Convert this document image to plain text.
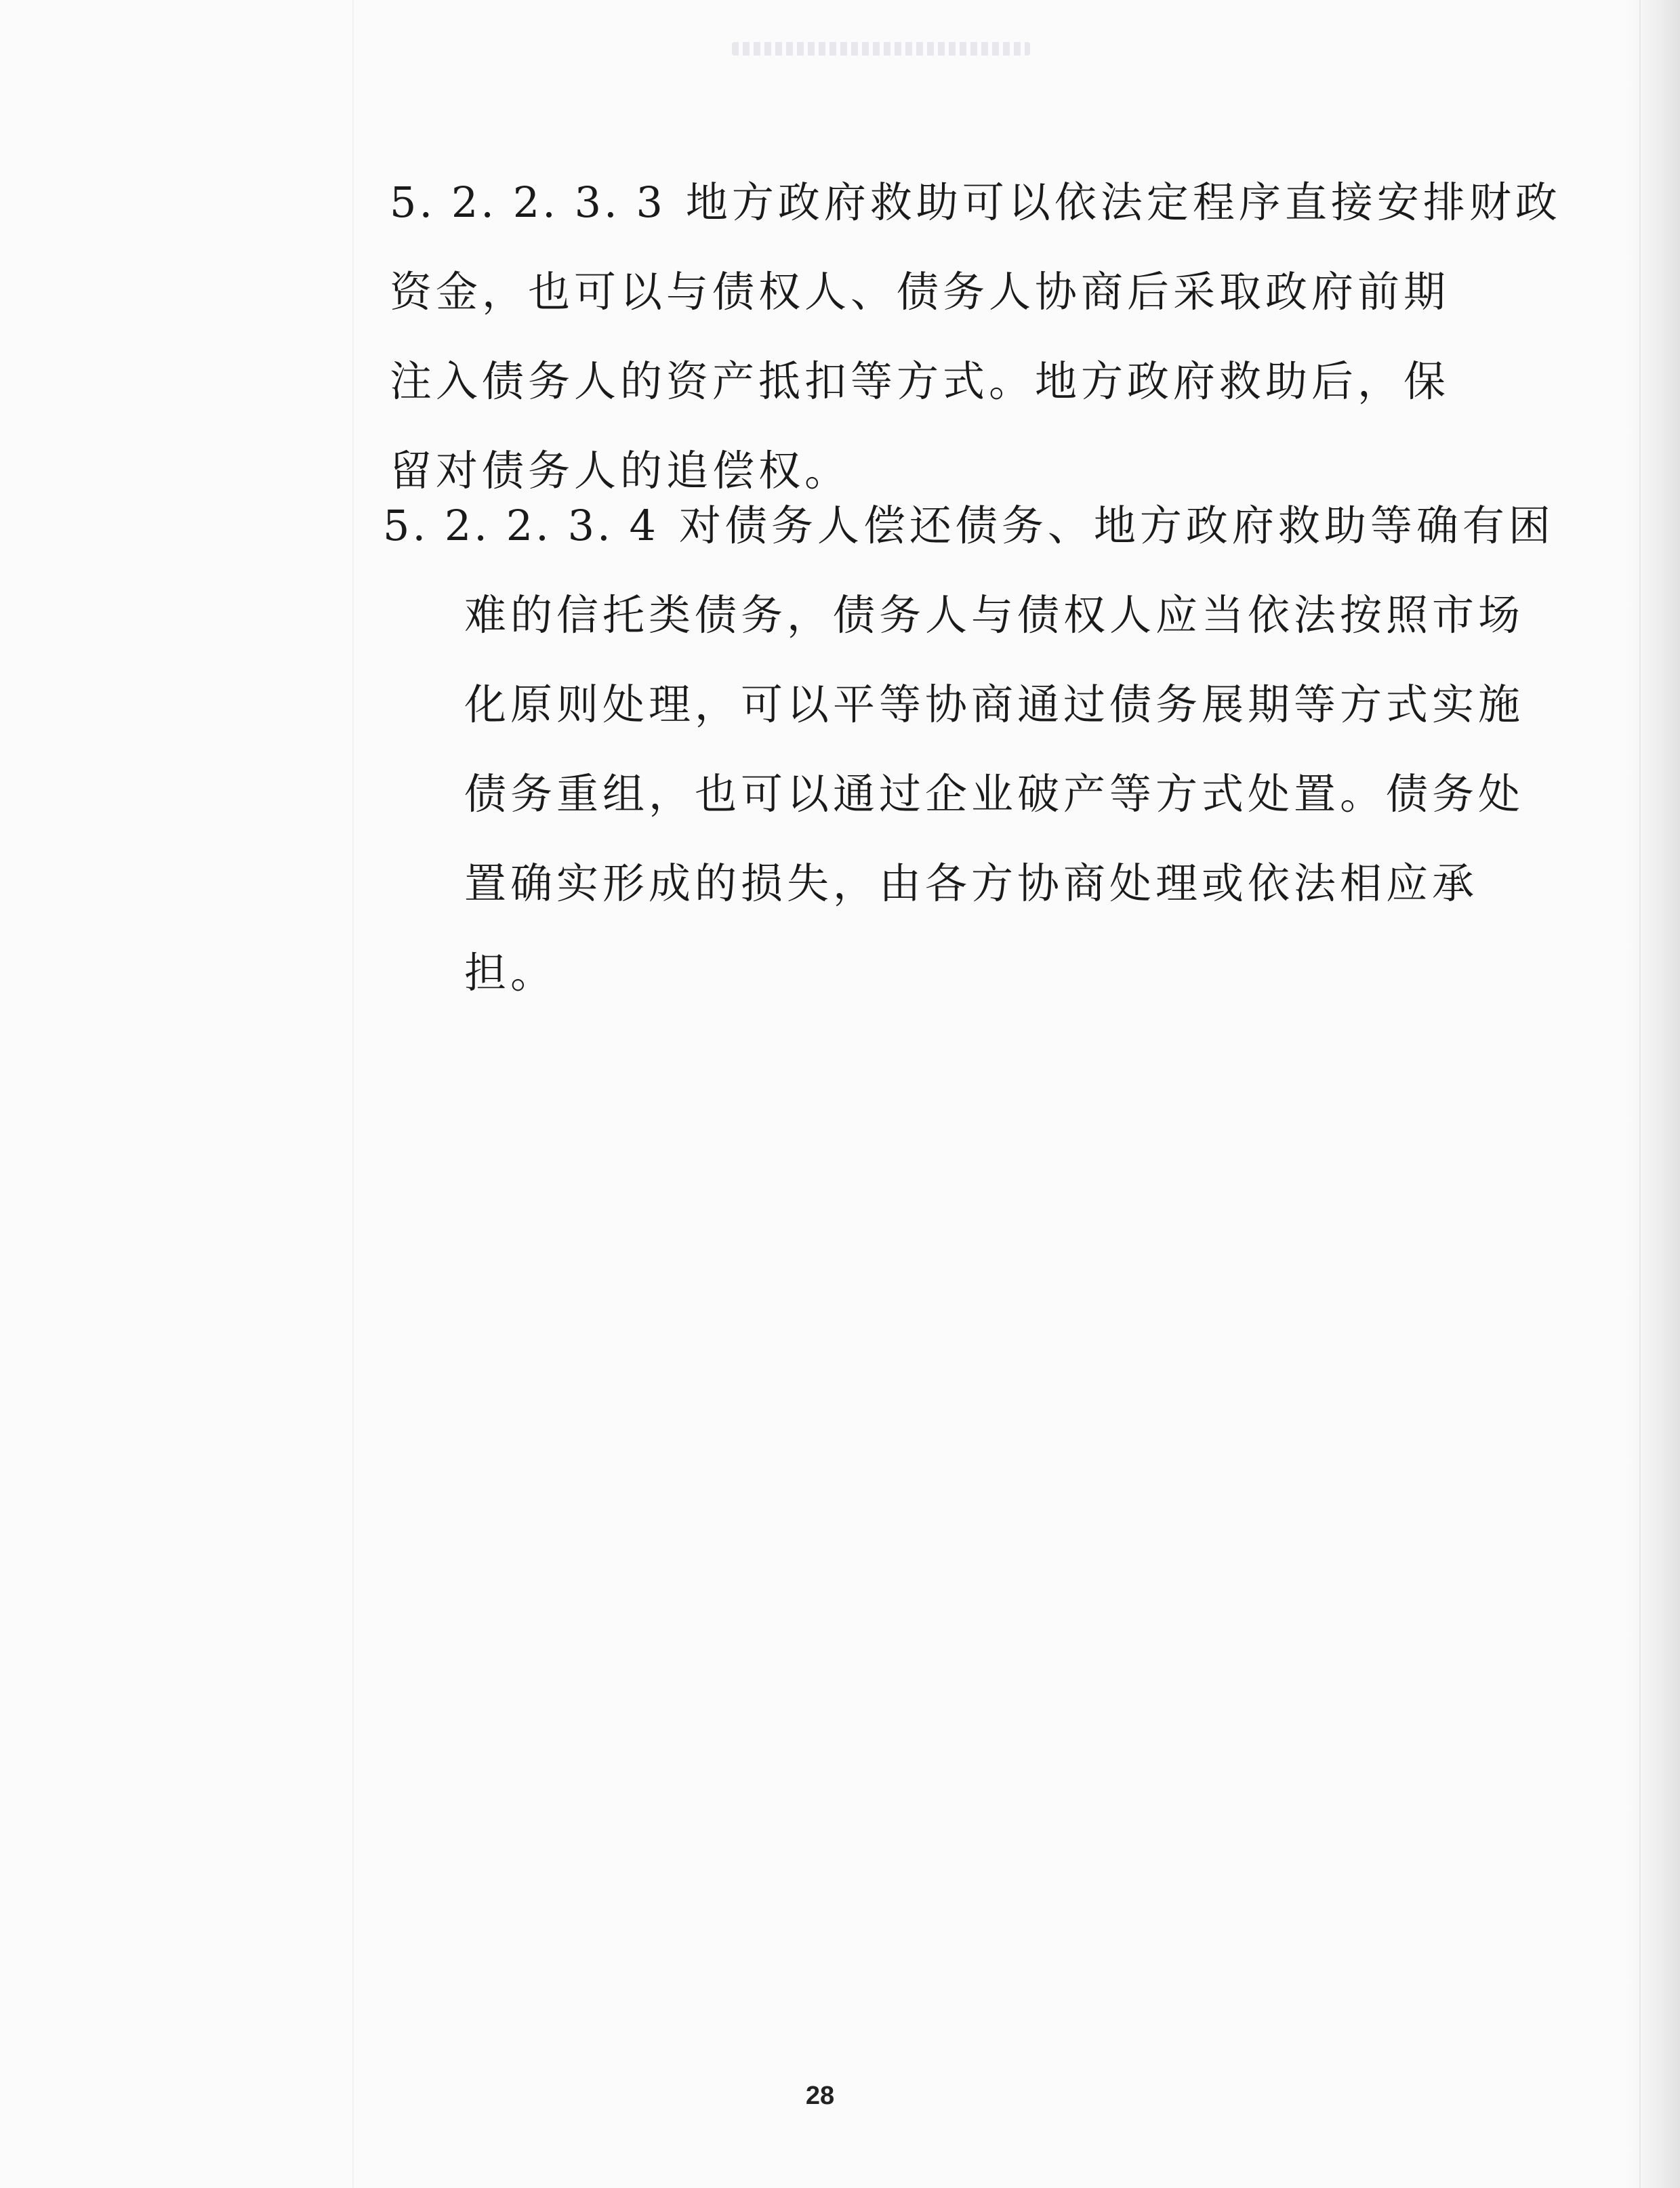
5. 2. 2. 3. 3 地方政府救助可以依法定程序直接安排财政
资金，也可以与债权人、债务人协商后采取政府前期
注入债务人的资产抵扣等方式。地方政府救助后，保
留对债务人的追偿权。
5. 2. 2. 3. 4 对债务人偿还债务、地方政府救助等确有困
难的信托类债务，债务人与债权人应当依法按照市场
化原则处理，可以平等协商通过债务展期等方式实施
债务重组，也可以通过企业破产等方式处置。债务处
置确实形成的损失，由各方协商处理或依法相应承
担。
28
